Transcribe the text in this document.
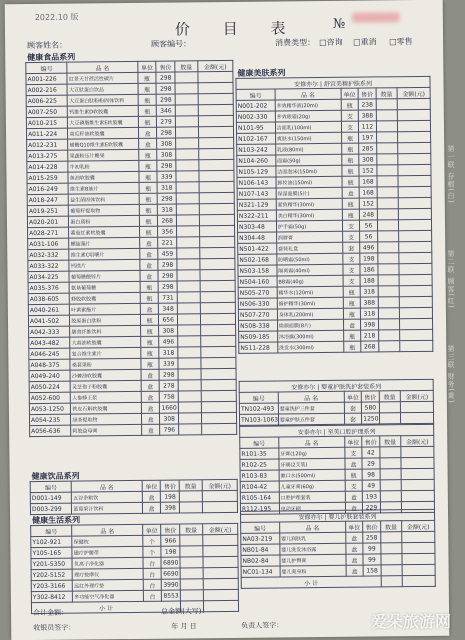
2022.10 版
价 目 表	№
顾客姓名：	顾客编号：	消费类型： □咨询 □重消 □零售
健康食品系列
编号	品 名	单位	售价	数量	金额(元)
A001-226	红景天甘蔗活性碳片	瓶	298		
A002-216	大豆肽蛋白饮品	瓶	298		
A006-225	大豆蛋白肽粉粉固体饮料	瓶	298		
A007-250	钙维生素D软胶囊	瓶	346		
A010-215	大豆磷脂维生素E软胶囊	瓶	279		
A011-224	南瓜籽油软胶囊	盒	298		
A012-231	辅酶Q10维生素E软胶囊	盒	308		
A013-275	果蔬粉压片糖果	瓶	308		
A014-228	牛初乳粉	瓶	298		
A015-259	鱼油软胶囊	瓶	339		
A016-249	维生素B族片	瓶	318		
A018-247	益生菌固体饮料	瓶	298		
A019-251	葡萄籽提取物	瓶	318		
A020-201	蛋白质粉	瓶	268		
A028-271	番茄红素软胶囊	瓶	356		
A031-106	螺旋藻片	盒	221		
A032-332	维生素C咀嚼片	盒	459		
A033-322	钙镁片	盒	298		
A034-225	葡萄糖酸锌片	盒	298		
A035-376	氨基葡萄糖	瓶	298		
A038-605	蜂胶软胶囊	瓶	731		
A040-261	叶黄素酯片	盒	348		
A041-502	胶原蛋白肽粉	瓶	656		
A042-333	膳食纤维饮料	瓶	308		
A043-482	大蒜油软胶囊	瓶	496		
A046-245	复合维生素片	瓶	318		
A048-375	桑葚果粉	瓶	339		
A049-240	沙棘油软胶囊	盒	298		
A050-224	灵芝孢子粉胶囊	盒	278		
A052-600	人参蜂王浆	盒	758		
A053-1250	铁皮石斛软胶囊	盒	1660		
A054-235	绿茶提取物	盒	308		
A056-636	阿胶益母膏	盒	796		
健康饮品系列
编号	品 名	单位	售价	数量	金额(元)
D001-149	五谷杂粮饮	盒	198		
D003-299	蓝莓果汁饮料	盒	398		
健康生活系列
编号	品 名	单位	售价	数量	金额(元)
Y102-921	保健枕	个	966		
Y105-165	磁疗护腰带	个	198		
Y201-5350	负离子净化器	台	6890		
Y202-5152	理疗按摩仪	台	6690		
Y203-3166	远红外理疗垫	台	3990		
Y302-8412	多功能空气净化器	台	8553		
小 计					
健康美肤系列
安修亦尔 | 舒宜美精护肤系列					
编号	品 名	单位	售价	数量	金额(元)
N001-202	多效精华液(20ml)	瓶	238		
N002-330	多效眼霜(20g)	支	388		
N101-95	洁面乳(100ml)	支	112		
N102-167	爽肤水(150ml)	瓶	197		
N103-242	乳液(80ml)	瓶	285		
N104-260	面霜(50g)	瓶	308		
N105-129	洁面泡沫(150ml)	瓶	152		
N106-143	卸妆油(150ml)	瓶	168		
N107-143	保湿面膜(5片)	盒	168		
N321-129	紧致精华(30ml)	瓶	152		
N322-211	美白精华(30ml)	瓶	248		
N303-48	护手霜(50g)	支	56		
N304-48	润唇膏	支	56		
N501-422	套装礼盒	套	496		
N502-168	防晒霜(50ml)	支	198		
N503-158	隔离霜(40ml)	支	186		
N504-160	BB霜(40g)	支	188		
N505-270	精华水(120ml)	瓶	318		
N506-330	修护精华(30ml)	瓶	388		
N507-270	身体乳(200ml)	瓶	318		
N508-338	焕颜面膜(8片)	盒	398		
N509-185	沐浴露(300ml)	瓶	218		
N511-228	洗发水(300ml)	瓶	268		
安修亦尔 | 婴童护肤洗护套装系列					
编号	品 名	单位	售价	数量	金额(元)
TN102-493	婴童洗护三件套	套	580		
TN103-1063	婴童护肤五件套	套	1250		
安泰亦尔 | 至美口腔护理系列					
编号	品 名	单位	售价	数量	金额(元)
R101-35	牙膏(120g)	支	42		
R102-25	牙刷(2支装)	盒	29		
R103-83	漱口水(500ml)	瓶	98		
R104-42	儿童牙膏(60g)	支	49		
R105-164	口腔护理套装	盒	193		
R112-195	电动牙刷	盒	229		
安修亦尔 | 婴儿护肤套装系列					
编号	品 名	单位	售价	数量	金额(元)
NA03-219	婴儿润肤乳	盒	258		
NB01-84	婴儿洗发沐浴露	盒	99		
NB02-84	婴儿护臀膏	盒	99		
NC01-134	婴儿爽身粉	盒	158		
小 计					
合计金额：	总金额(大写)：
收银员签字：	年 月 日	负责人签字：
第一联 存根(白)
第二联 顾客(红)
第三联 财务(黄)
爱朵旅游网
